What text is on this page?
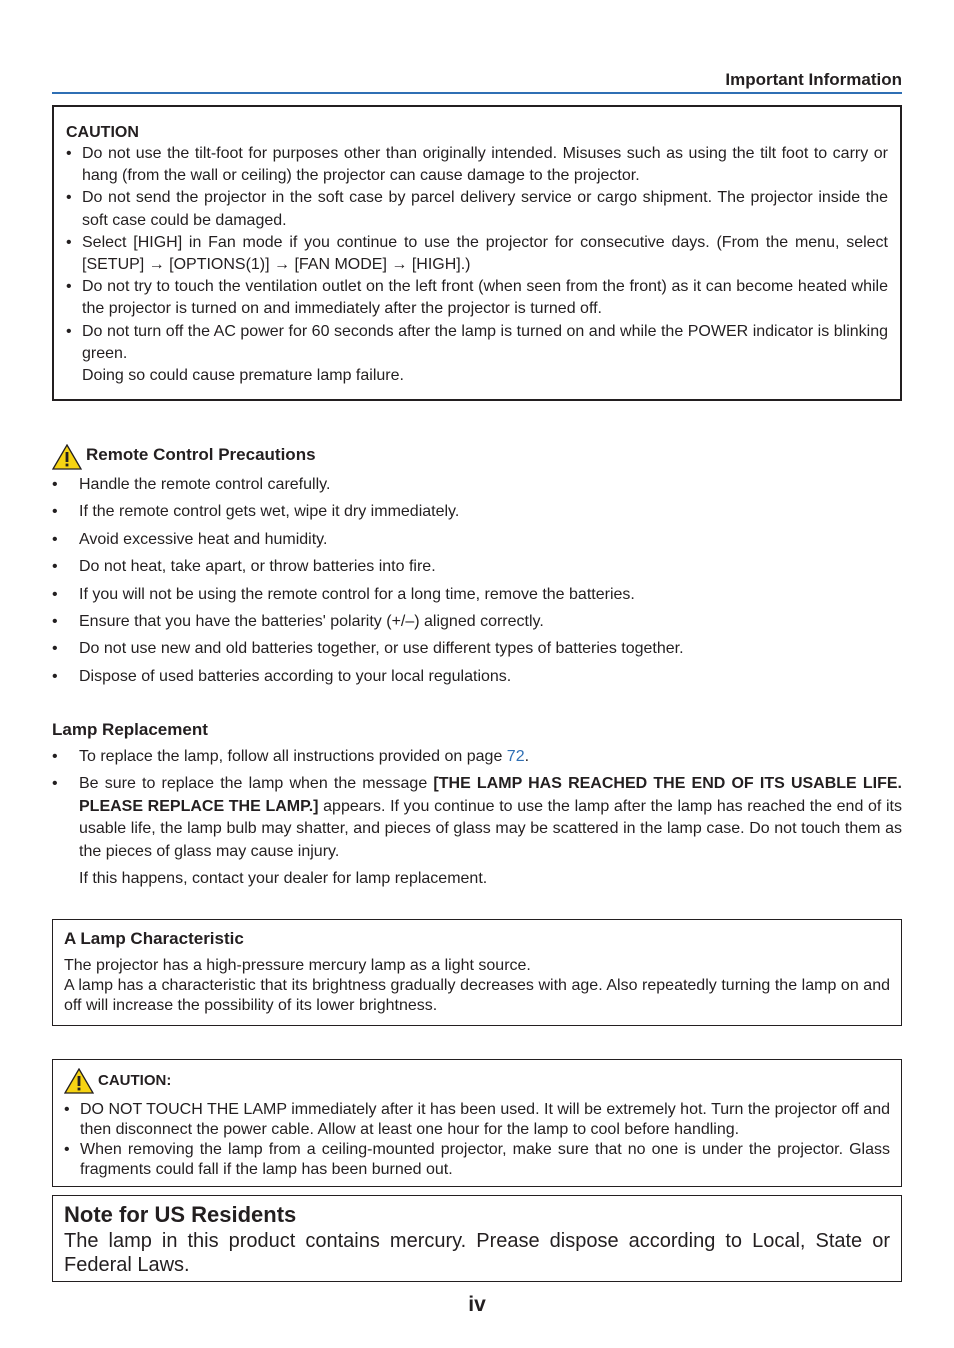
Important Information

CAUTION

• Do not use the tilt-foot for purposes other than originally intended. Misuses such as using the tilt foot to carry or hang (from the wall or ceiling) the projector can cause damage to the projector.
• Do not send the projector in the soft case by parcel delivery service or cargo shipment. The projector inside the soft case could be damaged.
• Select [HIGH] in Fan mode if you continue to use the projector for consecutive days. (From the menu, select [SETUP] → [OPTIONS(1)] → [FAN MODE] → [HIGH].)
• Do not try to touch the ventilation outlet on the left front (when seen from the front) as it can become heated while the projector is turned on and immediately after the projector is turned off.
• Do not turn off the AC power for 60 seconds after the lamp is turned on and while the POWER indicator is blinking green.
Doing so could cause premature lamp failure.
Remote Control Precautions
• Handle the remote control carefully.
• If the remote control gets wet, wipe it dry immediately.
• Avoid excessive heat and humidity.
• Do not heat, take apart, or throw batteries into fire.
• If you will not be using the remote control for a long time, remove the batteries.
• Ensure that you have the batteries' polarity (+/–) aligned correctly.
• Do not use new and old batteries together, or use different types of batteries together.
• Dispose of used batteries according to your local regulations.
Lamp Replacement
• To replace the lamp, follow all instructions provided on page 72.
• Be sure to replace the lamp when the message [THE LAMP HAS REACHED THE END OF ITS USABLE LIFE. PLEASE REPLACE THE LAMP.] appears. If you continue to use the lamp after the lamp has reached the end of its usable life, the lamp bulb may shatter, and pieces of glass may be scattered in the lamp case. Do not touch them as the pieces of glass may cause injury.
If this happens, contact your dealer for lamp replacement.

A Lamp Characteristic

The projector has a high-pressure mercury lamp as a light source.

A lamp has a characteristic that its brightness gradually decreases with age. Also repeatedly turning the lamp on and off will increase the possibility of its lower brightness.

CAUTION:
• DO NOT TOUCH THE LAMP immediately after it has been used. It will be extremely hot. Turn the projector off and then disconnect the power cable. Allow at least one hour for the lamp to cool before handling.
• When removing the lamp from a ceiling-mounted projector, make sure that no one is under the projector. Glass fragments could fall if the lamp has been burned out.

Note for US Residents

The lamp in this product contains mercury. Prease dispose according to Local, State or Federal Laws.

iv
